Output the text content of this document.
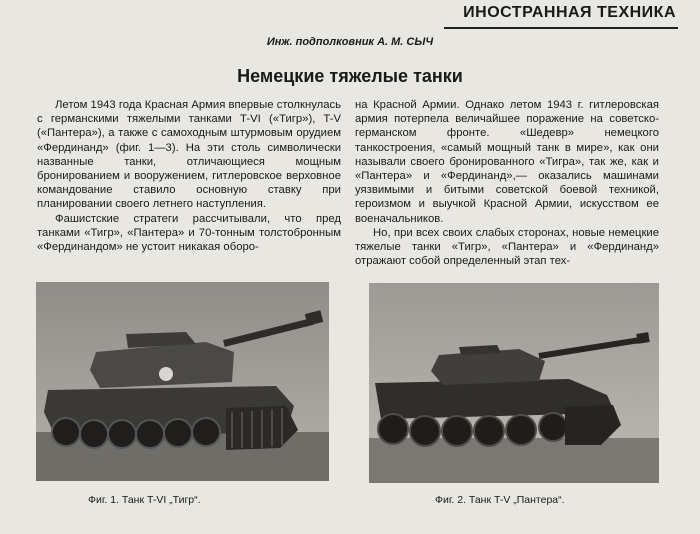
ИНОСТРАННАЯ ТЕХНИКА
Инж. подполковник А. М. СЫЧ
Немецкие тяжелые танки

Летом 1943 года Красная Армия впервые столкнулась с германскими тяжелыми танками T-VI («Тигр»), T-V («Пантера»), а также с самоходным штурмовым орудием «Фердинанд» (фиг. 1—3). На эти столь символически названные танки, отличающиеся мощным бронированием и вооружением, гитлеровское верховное командование ставило основную ставку при планировании своего летнего наступления.

Фашистские стратеги рассчитывали, что пред танками «Тигр», «Пантера» и 70-тонным толстобронным «Фердинандом» не устоит никакая оборо-

на Красной Армии. Однако летом 1943 г. гитлеровская армия потерпела величайшее поражение на советско-германском фронте. «Шедевр» немецкого танкостроения, «самый мощный танк в мире», как они называли своего бронированного «Тигра», так же, как и «Пантера» и «Фердинанд»,— оказались машинами уязвимыми и битыми советской боевой техникой, героизмом и выучкой Красной Армии, искусством ее военачальников.

Но, при всех своих слабых сторонах, новые немецкие тяжелые танки «Тигр», «Пантера» и «Фердинанд» отражают собой определенный этап тех-

Фиг. 1. Танк T-VI „Тигр“.	Фиг. 2. Танк T-V „Пантера“.
